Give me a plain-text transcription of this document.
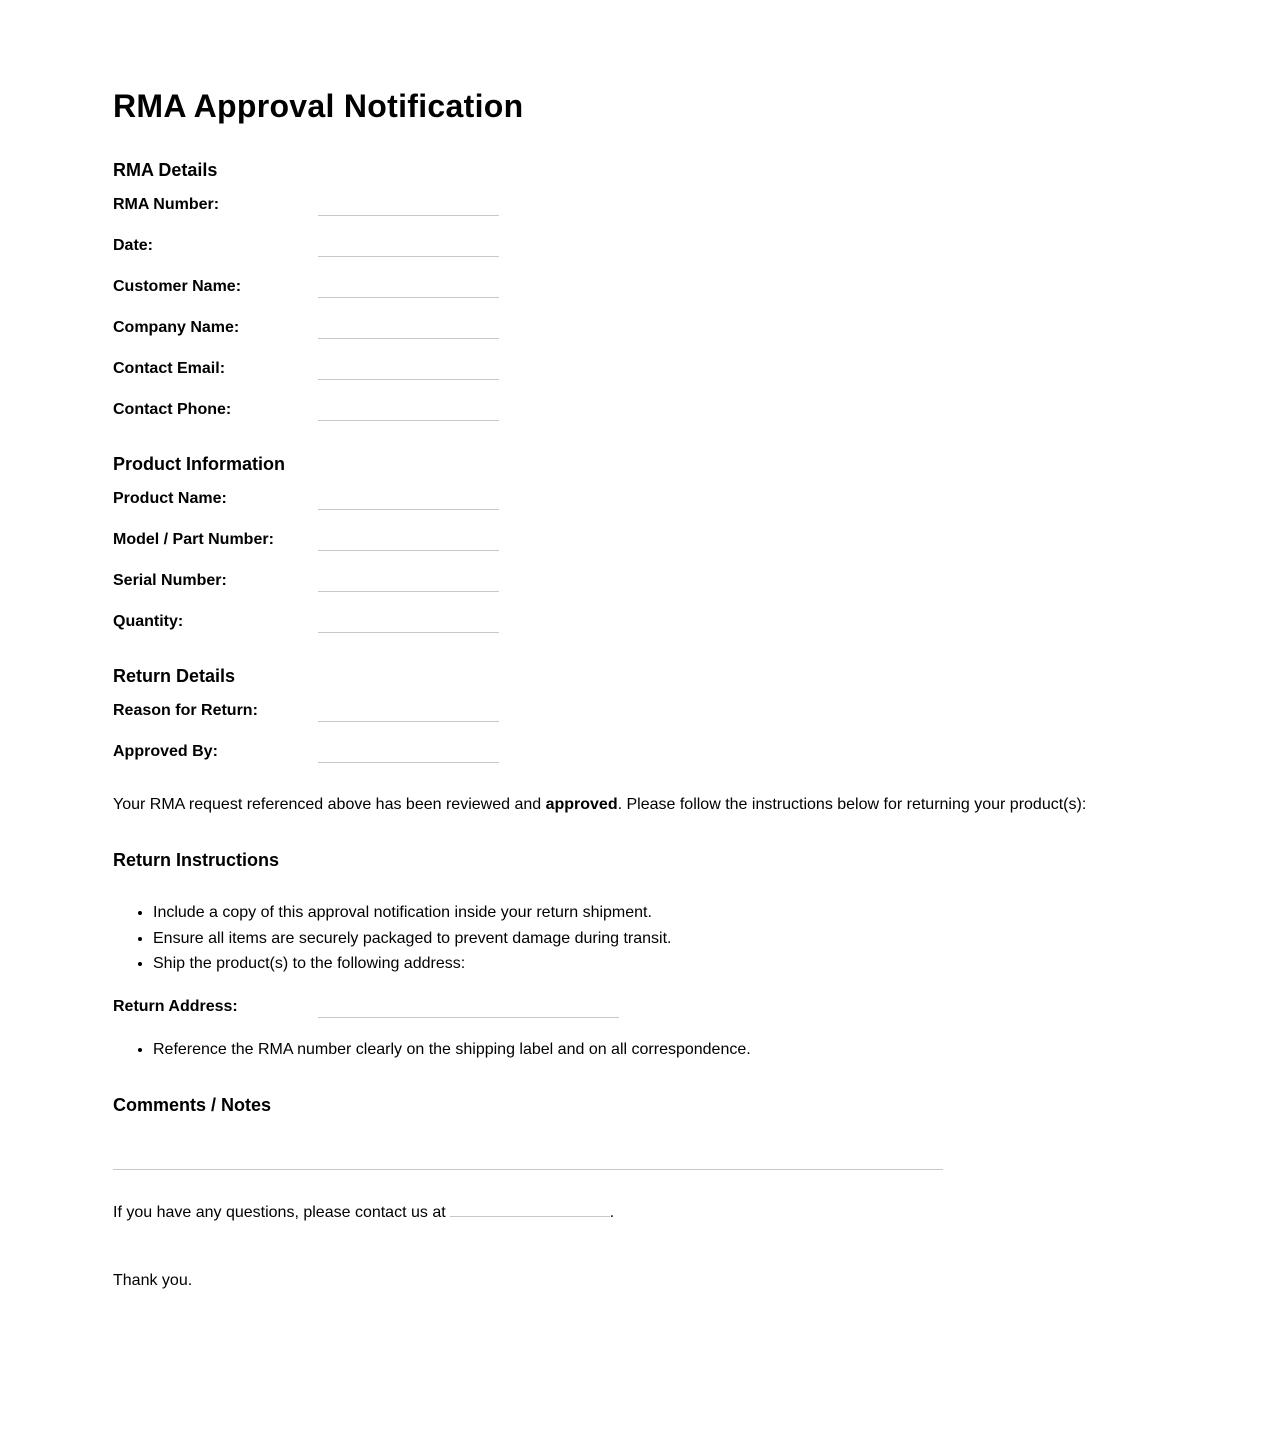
RMA Approval Notification
RMA Details
RMA Number:
Date:
Customer Name:
Company Name:
Contact Email:
Contact Phone:
Product Information
Product Name:
Model / Part Number:
Serial Number:
Quantity:
Return Details
Reason for Return:
Approved By:

Your RMA request referenced above has been reviewed and approved. Please follow the instructions below for returning your product(s):

Return Instructions
• Include a copy of this approval notification inside your return shipment.
• Ensure all items are securely packaged to prevent damage during transit.
• Ship the product(s) to the following address:
Return Address:
• Reference the RMA number clearly on the shipping label and on all correspondence.
Comments / Notes

If you have any questions, please contact us at	.

Thank you.
